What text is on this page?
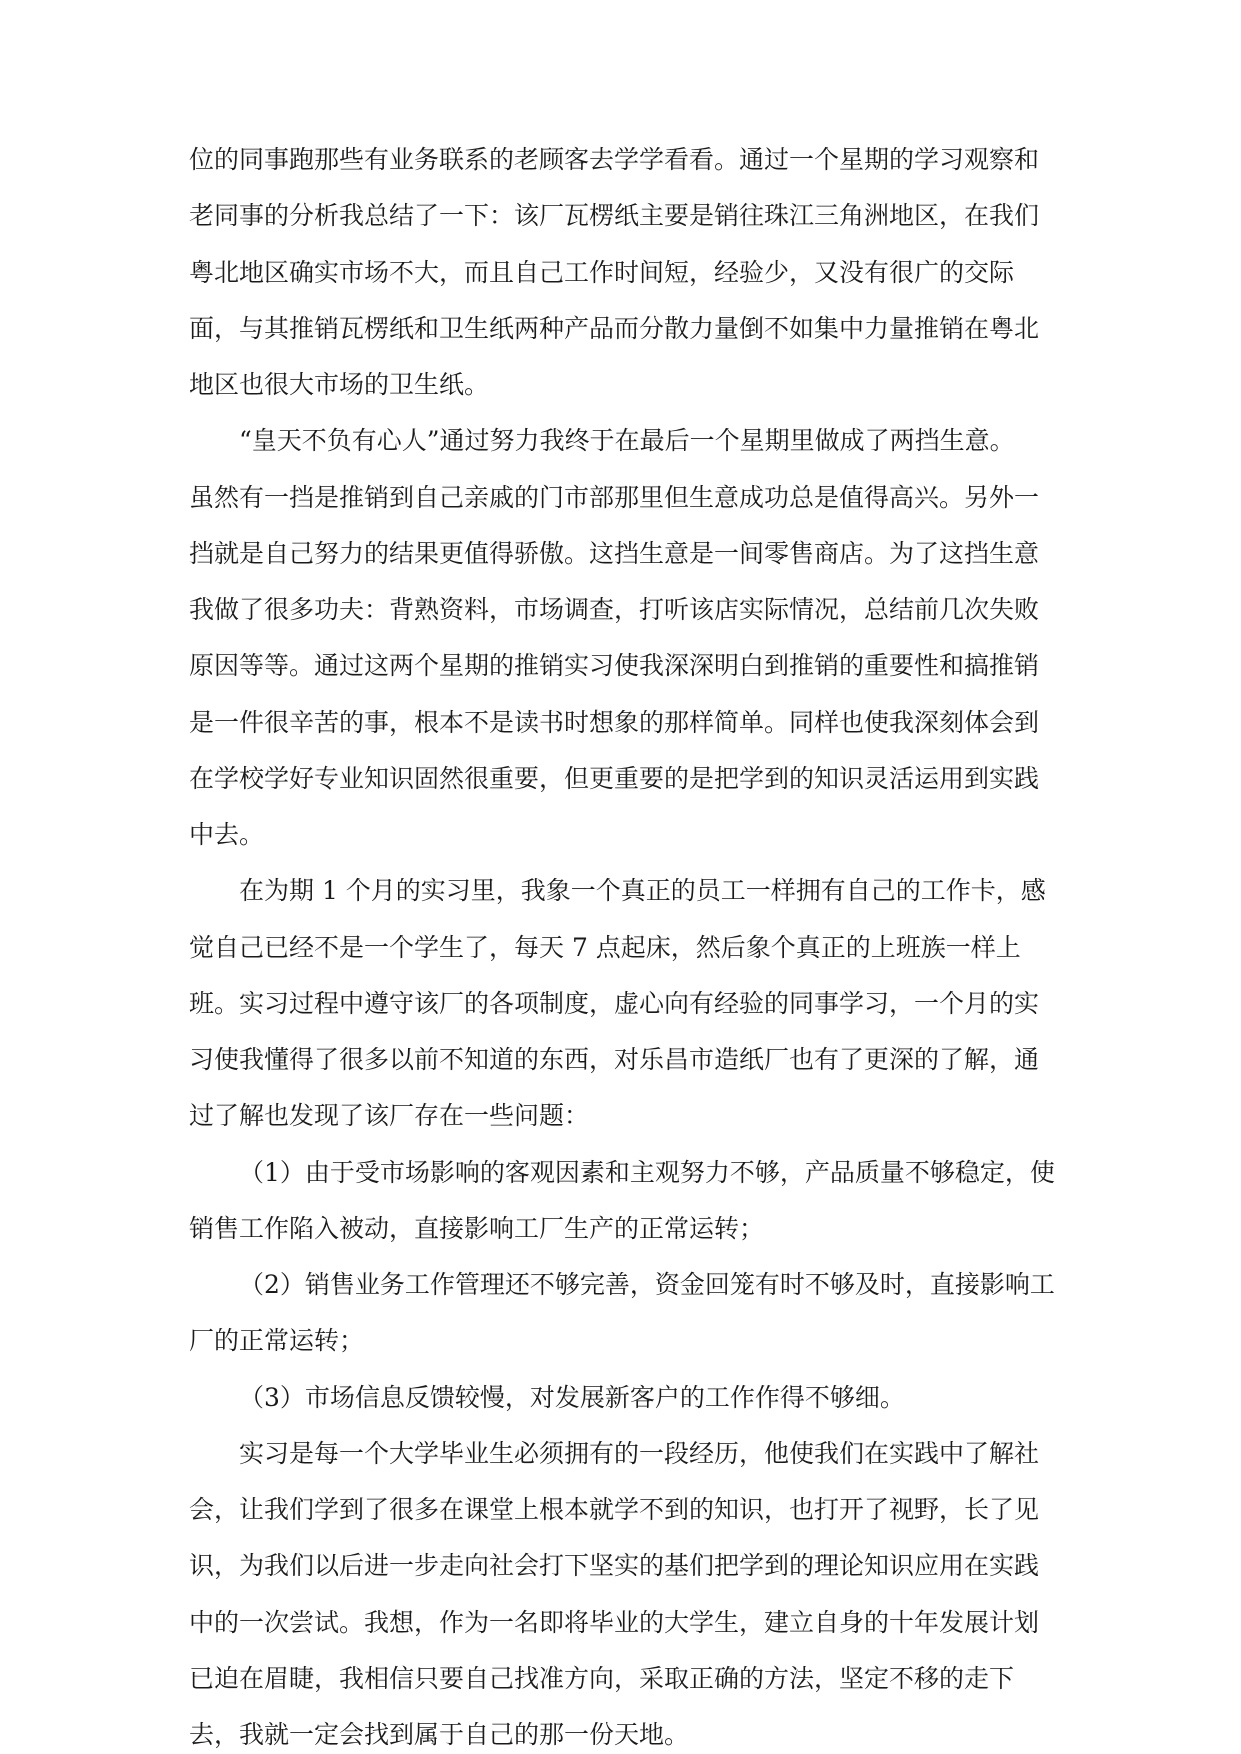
位的同事跑那些有业务联系的老顾客去学学看看。通过一个星期的学习观察和
老同事的分析我总结了一下：该厂瓦楞纸主要是销往珠江三角洲地区，在我们
粤北地区确实市场不大，而且自己工作时间短，经验少，又没有很广的交际
面，与其推销瓦楞纸和卫生纸两种产品而分散力量倒不如集中力量推销在粤北
地区也很大市场的卫生纸。
“皇天不负有心人”通过努力我终于在最后一个星期里做成了两挡生意。
虽然有一挡是推销到自己亲戚的门市部那里但生意成功总是值得高兴。另外一
挡就是自己努力的结果更值得骄傲。这挡生意是一间零售商店。为了这挡生意
我做了很多功夫：背熟资料，市场调查，打听该店实际情况，总结前几次失败
原因等等。通过这两个星期的推销实习使我深深明白到推销的重要性和搞推销
是一件很辛苦的事，根本不是读书时想象的那样简单。同样也使我深刻体会到
在学校学好专业知识固然很重要，但更重要的是把学到的知识灵活运用到实践
中去。
在为期 1 个月的实习里，我象一个真正的员工一样拥有自己的工作卡，感
觉自己已经不是一个学生了，每天 7 点起床，然后象个真正的上班族一样上
班。实习过程中遵守该厂的各项制度，虚心向有经验的同事学习，一个月的实
习使我懂得了很多以前不知道的东西，对乐昌市造纸厂也有了更深的了解，通
过了解也发现了该厂存在一些问题：
（1）由于受市场影响的客观因素和主观努力不够，产品质量不够稳定，使
销售工作陷入被动，直接影响工厂生产的正常运转；
（2）销售业务工作管理还不够完善，资金回笼有时不够及时，直接影响工
厂的正常运转；
（3）市场信息反馈较慢，对发展新客户的工作作得不够细。
实习是每一个大学毕业生必须拥有的一段经历，他使我们在实践中了解社
会，让我们学到了很多在课堂上根本就学不到的知识，也打开了视野，长了见
识，为我们以后进一步走向社会打下坚实的基们把学到的理论知识应用在实践
中的一次尝试。我想，作为一名即将毕业的大学生，建立自身的十年发展计划
已迫在眉睫，我相信只要自己找准方向，采取正确的方法，坚定不移的走下
去，我就一定会找到属于自己的那一份天地。
